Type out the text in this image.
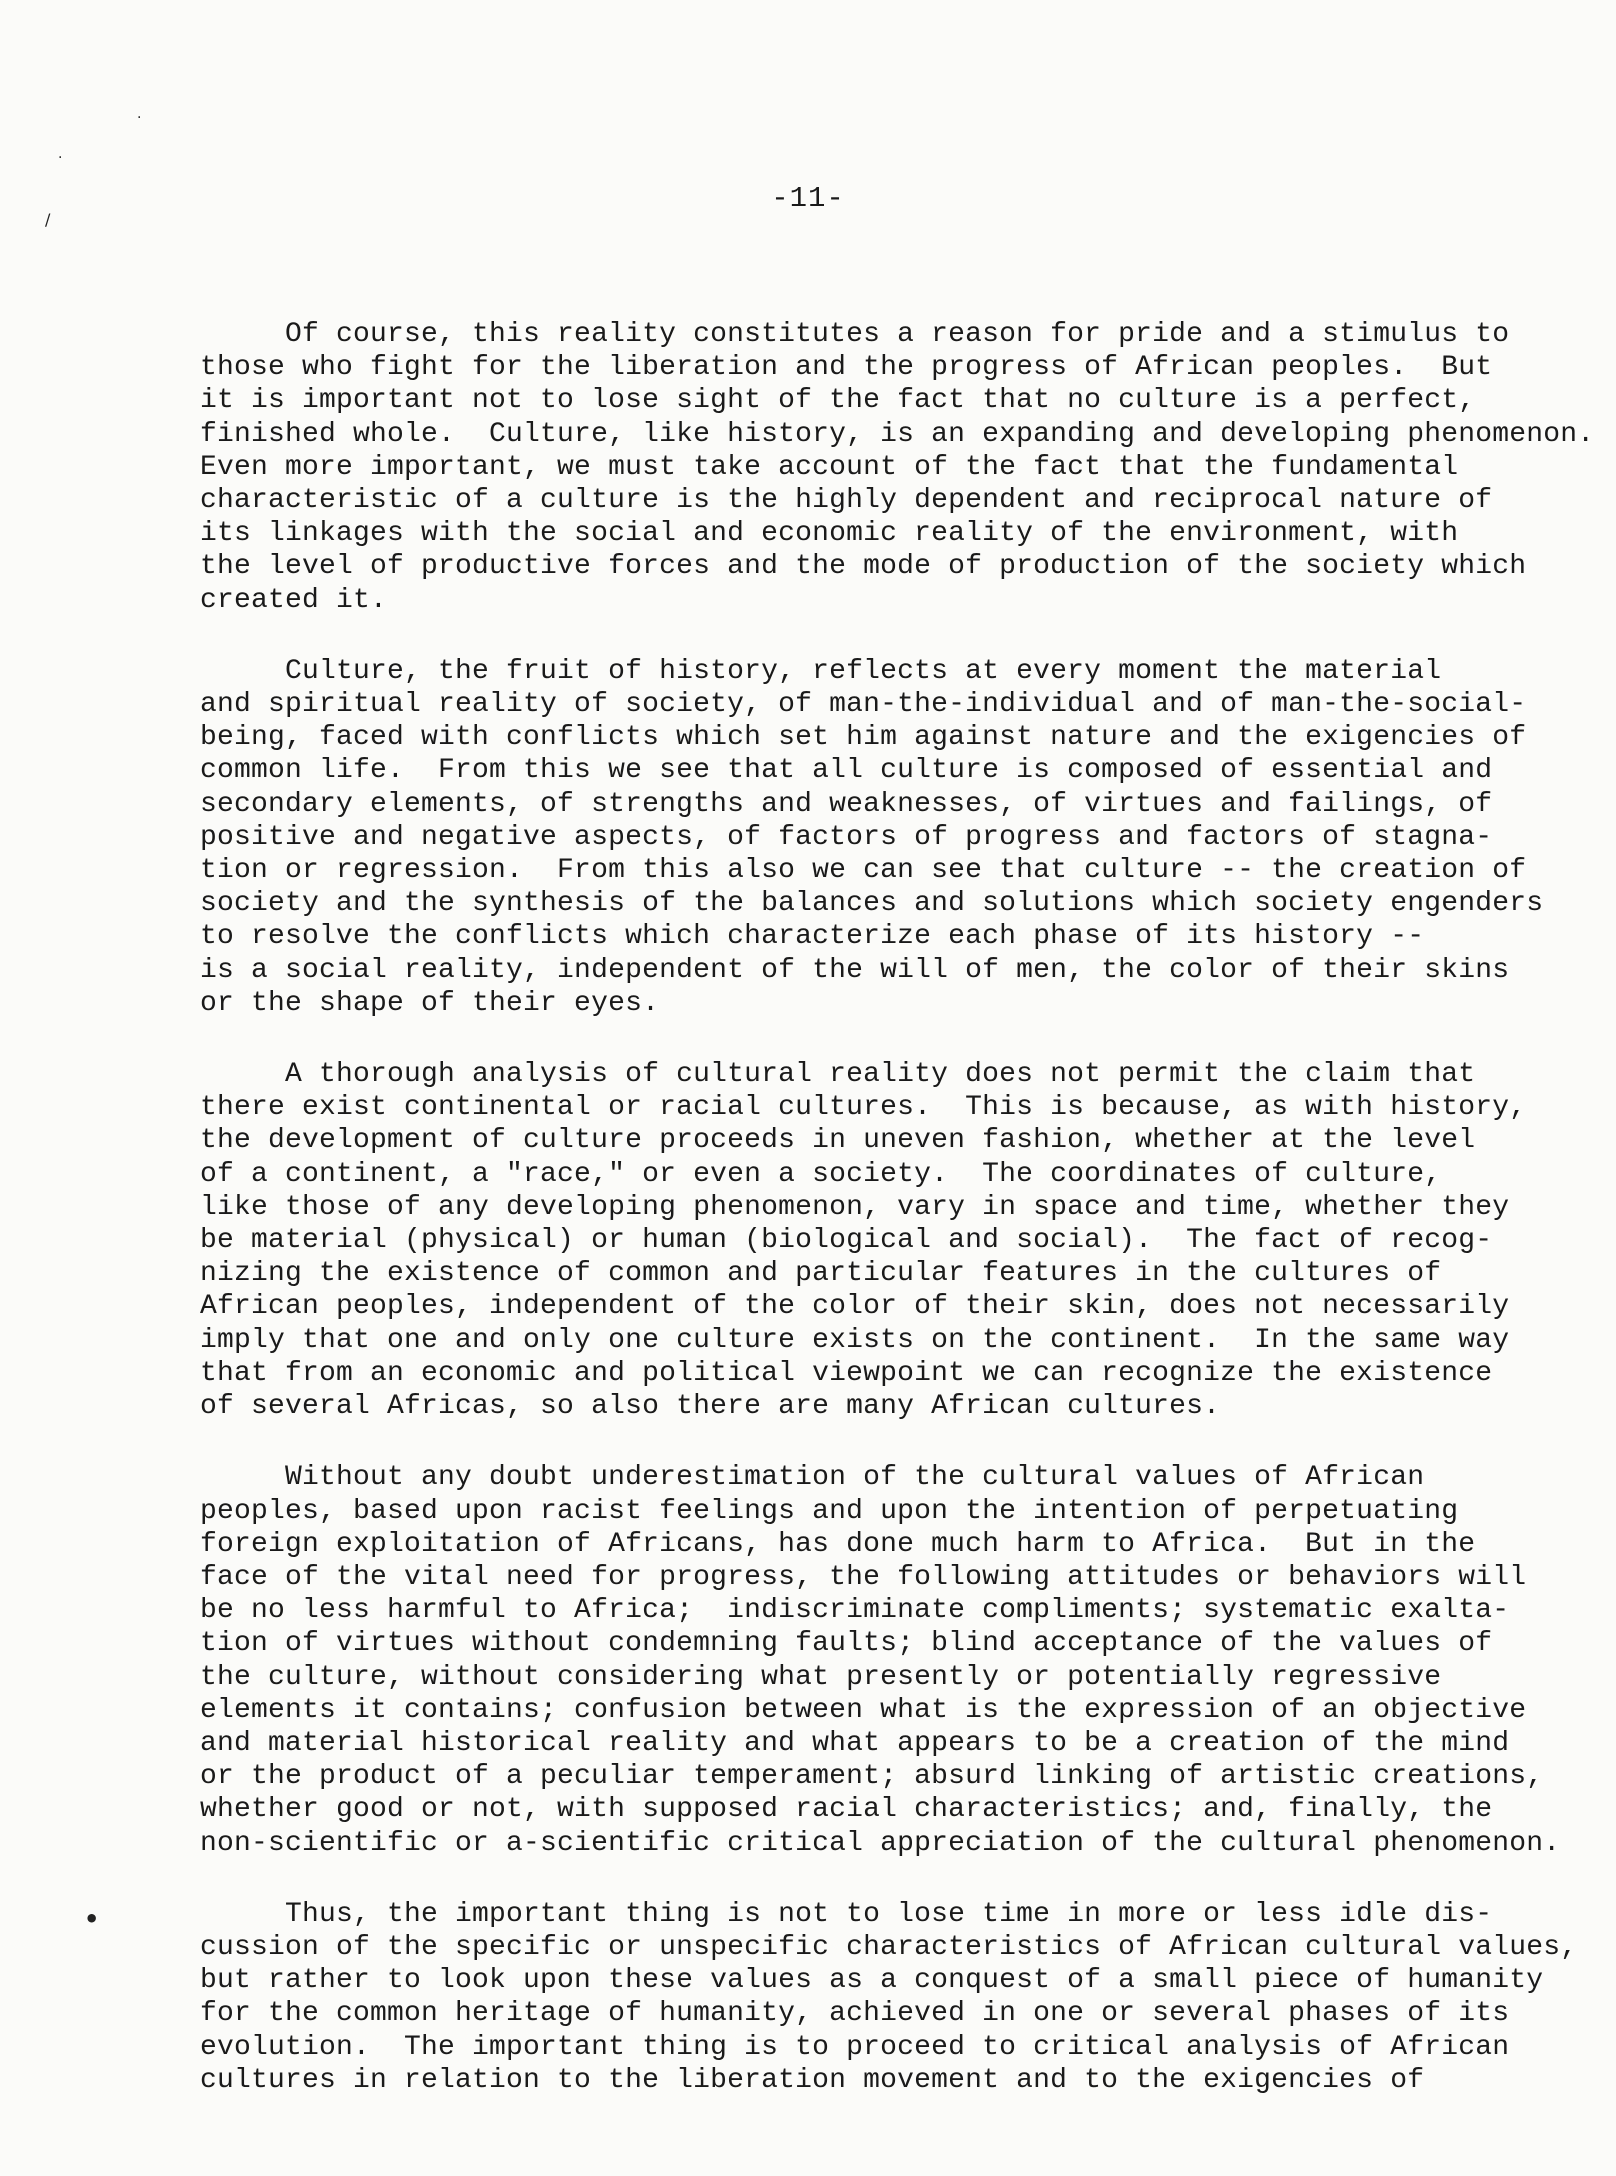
-11-

Of course, this reality constitutes a reason for pride and a stimulus to
those who fight for the liberation and the progress of African peoples.  But
it is important not to lose sight of the fact that no culture is a perfect,
finished whole.  Culture, like history, is an expanding and developing phenomenon.
Even more important, we must take account of the fact that the fundamental
characteristic of a culture is the highly dependent and reciprocal nature of
its linkages with the social and economic reality of the environment, with
the level of productive forces and the mode of production of the society which
created it.

Culture, the fruit of history, reflects at every moment the material
and spiritual reality of society, of man-the-individual and of man-the-social-
being, faced with conflicts which set him against nature and the exigencies of
common life.  From this we see that all culture is composed of essential and
secondary elements, of strengths and weaknesses, of virtues and failings, of
positive and negative aspects, of factors of progress and factors of stagna-
tion or regression.  From this also we can see that culture -- the creation of
society and the synthesis of the balances and solutions which society engenders
to resolve the conflicts which characterize each phase of its history --
is a social reality, independent of the will of men, the color of their skins
or the shape of their eyes.

A thorough analysis of cultural reality does not permit the claim that
there exist continental or racial cultures.  This is because, as with history,
the development of culture proceeds in uneven fashion, whether at the level
of a continent, a "race," or even a society.  The coordinates of culture,
like those of any developing phenomenon, vary in space and time, whether they
be material (physical) or human (biological and social).  The fact of recog-
nizing the existence of common and particular features in the cultures of
African peoples, independent of the color of their skin, does not necessarily
imply that one and only one culture exists on the continent.  In the same way
that from an economic and political viewpoint we can recognize the existence
of several Africas, so also there are many African cultures.

Without any doubt underestimation of the cultural values of African
peoples, based upon racist feelings and upon the intention of perpetuating
foreign exploitation of Africans, has done much harm to Africa.  But in the
face of the vital need for progress, the following attitudes or behaviors will
be no less harmful to Africa;  indiscriminate compliments; systematic exalta-
tion of virtues without condemning faults; blind acceptance of the values of
the culture, without considering what presently or potentially regressive
elements it contains; confusion between what is the expression of an objective
and material historical reality and what appears to be a creation of the mind
or the product of a peculiar temperament; absurd linking of artistic creations,
whether good or not, with supposed racial characteristics; and, finally, the
non-scientific or a-scientific critical appreciation of the cultural phenomenon.

Thus, the important thing is not to lose time in more or less idle dis-
cussion of the specific or unspecific characteristics of African cultural values,
but rather to look upon these values as a conquest of a small piece of humanity
for the common heritage of humanity, achieved in one or several phases of its
evolution.  The important thing is to proceed to critical analysis of African
cultures in relation to the liberation movement and to the exigencies of

·
·
/
•
